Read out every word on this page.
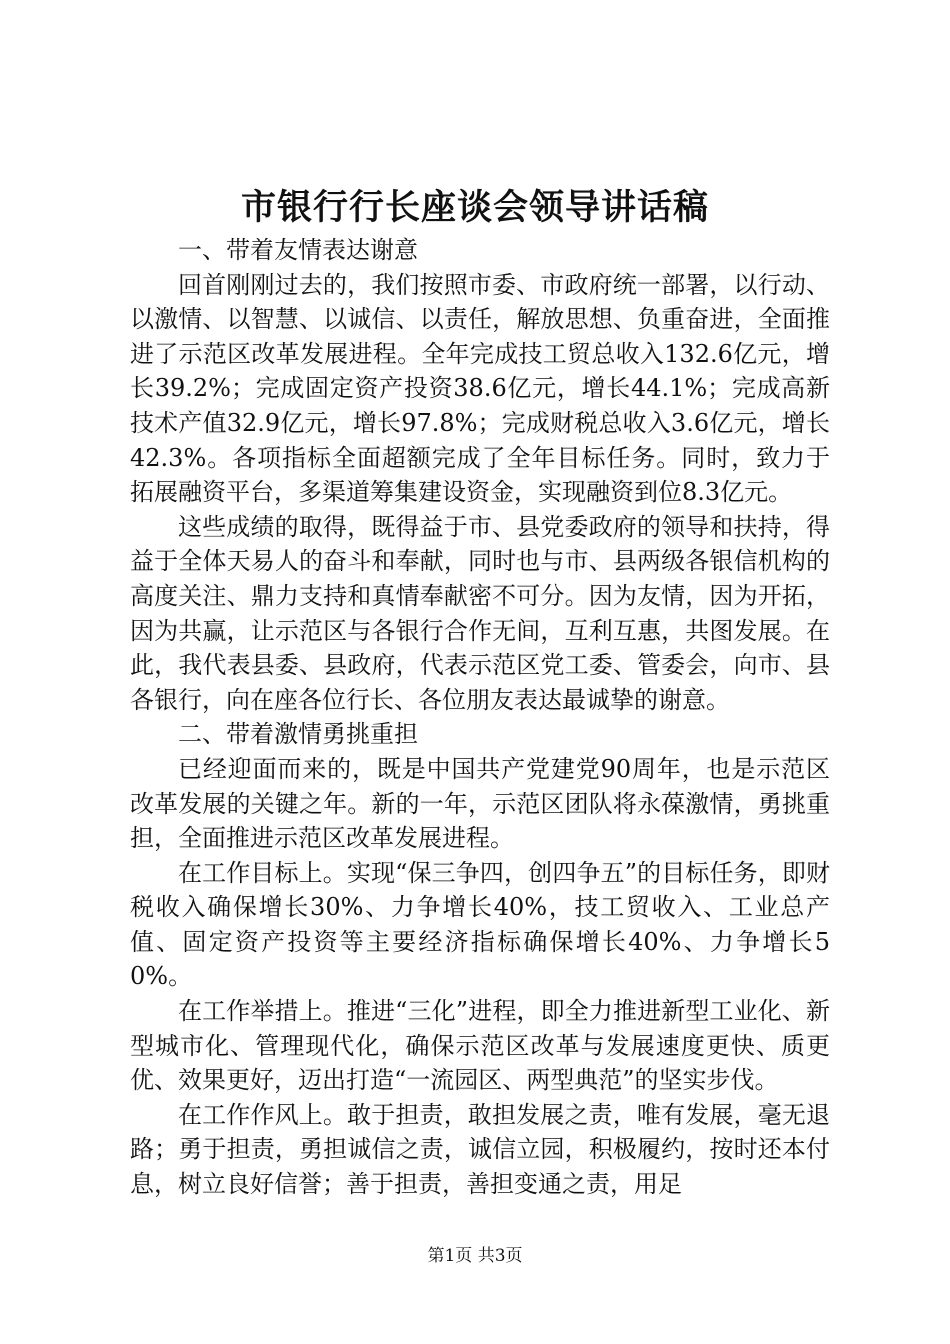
市银行行长座谈会领导讲话稿

一、带着友情表达谢意

回首刚刚过去的，我们按照市委、市政府统一部署，以行动、以激情、以智慧、以诚信、以责任，解放思想、负重奋进，全面推进了示范区改革发展进程。全年完成技工贸总收入132.6亿元，增长39.2%；完成固定资产投资38.6亿元，增长44.1%；完成高新技术产值32.9亿元，增长97.8%；完成财税总收入3.6亿元，增长42.3%。各项指标全面超额完成了全年目标任务。同时，致力于拓展融资平台，多渠道筹集建设资金，实现融资到位8.3亿元。

这些成绩的取得，既得益于市、县党委政府的领导和扶持，得益于全体天易人的奋斗和奉献，同时也与市、县两级各银信机构的高度关注、鼎力支持和真情奉献密不可分。因为友情，因为开拓，因为共赢，让示范区与各银行合作无间，互利互惠，共图发展。在此，我代表县委、县政府，代表示范区党工委、管委会，向市、县各银行，向在座各位行长、各位朋友表达最诚挚的谢意。

二、带着激情勇挑重担

已经迎面而来的，既是中国共产党建党90周年，也是示范区改革发展的关键之年。新的一年，示范区团队将永葆激情，勇挑重担，全面推进示范区改革发展进程。

在工作目标上。实现“保三争四，创四争五”的目标任务，即财税收入确保增长30%、力争增长40%，技工贸收入、工业总产值、固定资产投资等主要经济指标确保增长40%、力争增长50%。

在工作举措上。推进“三化”进程，即全力推进新型工业化、新型城市化、管理现代化，确保示范区改革与发展速度更快、质更优、效果更好，迈出打造“一流园区、两型典范”的坚实步伐。

在工作作风上。敢于担责，敢担发展之责，唯有发展，毫无退路；勇于担责，勇担诚信之责，诚信立园，积极履约，按时还本付息，树立良好信誉；善于担责，善担变通之责，用足

第1页 共3页
